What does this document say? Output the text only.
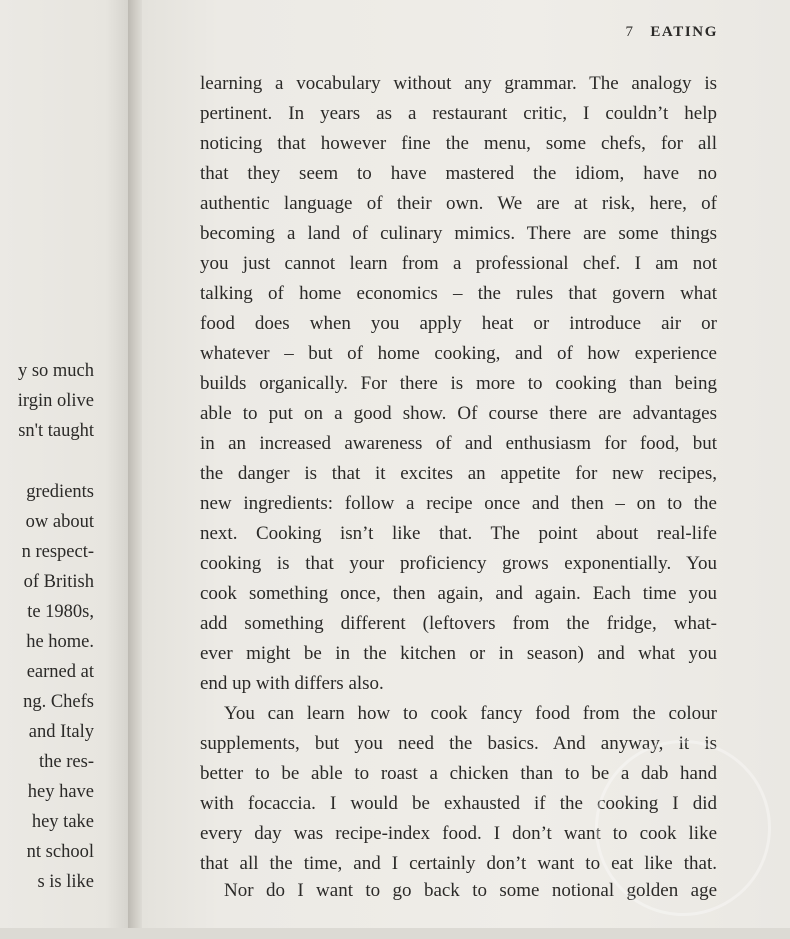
y so much
irgin olive
sn't taught
gredients
ow about
n respect-
of British
te 1980s,
he home.
earned at
ng. Chefs
and Italy
the res-
hey have
hey take
nt school
s is like
7 EATING
learning a vocabulary without any grammar. The analogy is
pertinent. In years as a restaurant critic, I couldn’t help
noticing that however fine the menu, some chefs, for all
that they seem to have mastered the idiom, have no
authentic language of their own. We are at risk, here, of
becoming a land of culinary mimics. There are some things
you just cannot learn from a professional chef. I am not
talking of home economics – the rules that govern what
food does when you apply heat or introduce air or
whatever – but of home cooking, and of how experience
builds organically. For there is more to cooking than being
able to put on a good show. Of course there are advantages
in an increased awareness of and enthusiasm for food, but
the danger is that it excites an appetite for new recipes,
new ingredients: follow a recipe once and then – on to the
next. Cooking isn’t like that. The point about real-life
cooking is that your proficiency grows exponentially. You
cook something once, then again, and again. Each time you
add something different (leftovers from the fridge, what-
ever might be in the kitchen or in season) and what you
end up with differs also.
You can learn how to cook fancy food from the colour
supplements, but you need the basics. And anyway, it is
better to be able to roast a chicken than to be a dab hand
with focaccia. I would be exhausted if the cooking I did
every day was recipe-index food. I don’t want to cook like
that all the time, and I certainly don’t want to eat like that.
Nor do I want to go back to some notional golden age
